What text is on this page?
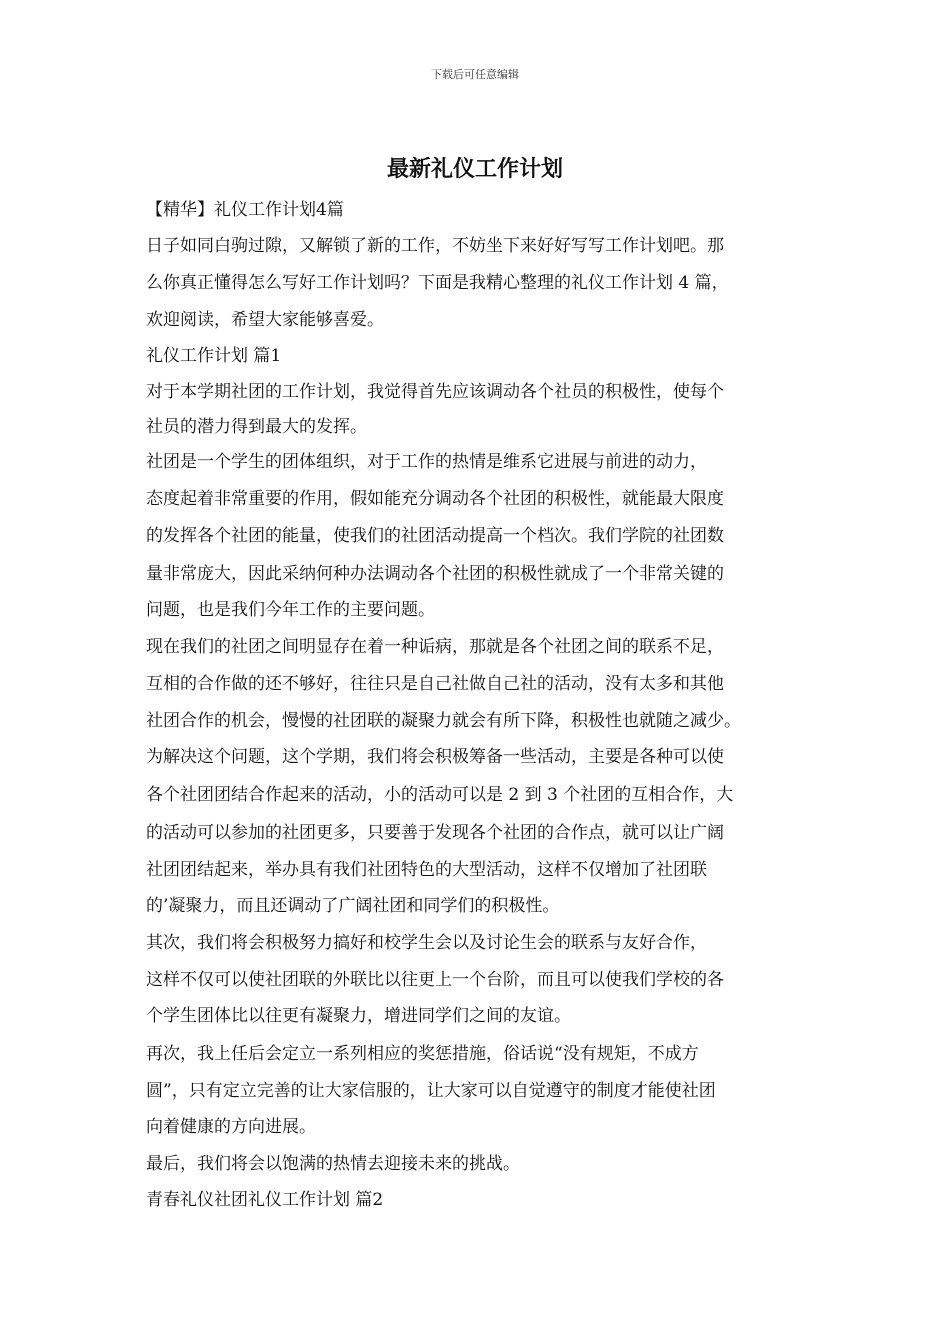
下载后可任意编辑
最新礼仪工作计划

【精华】礼仪工作计划4篇

日子如同白驹过隙，又解锁了新的工作，不妨坐下来好好写写工作计划吧。那

么你真正懂得怎么写好工作计划吗？下面是我精心整理的礼仪工作计划 4 篇，

欢迎阅读，希望大家能够喜爱。

礼仪工作计划 篇1

对于本学期社团的工作计划，我觉得首先应该调动各个社员的积极性，使每个

社员的潜力得到最大的发挥。

社团是一个学生的团体组织，对于工作的热情是维系它进展与前进的动力，

态度起着非常重要的作用，假如能充分调动各个社团的积极性，就能最大限度

的发挥各个社团的能量，使我们的社团活动提高一个档次。我们学院的社团数

量非常庞大，因此采纳何种办法调动各个社团的积极性就成了一个非常关键的

问题，也是我们今年工作的主要问题。

现在我们的社团之间明显存在着一种诟病，那就是各个社团之间的联系不足，

互相的合作做的还不够好，往往只是自己社做自己社的活动，没有太多和其他

社团合作的机会，慢慢的社团联的凝聚力就会有所下降，积极性也就随之减少。

为解决这个问题，这个学期，我们将会积极筹备一些活动，主要是各种可以使

各个社团团结合作起来的活动，小的活动可以是 2 到 3 个社团的互相合作，大

的活动可以参加的社团更多，只要善于发现各个社团的合作点，就可以让广阔

社团团结起来，举办具有我们社团特色的大型活动，这样不仅增加了社团联

的’凝聚力，而且还调动了广阔社团和同学们的积极性。

其次，我们将会积极努力搞好和校学生会以及讨论生会的联系与友好合作，

这样不仅可以使社团联的外联比以往更上一个台阶，而且可以使我们学校的各

个学生团体比以往更有凝聚力，增进同学们之间的友谊。

再次，我上任后会定立一系列相应的奖惩措施，俗话说“没有规矩，不成方

圆”，只有定立完善的让大家信服的，让大家可以自觉遵守的制度才能使社团

向着健康的方向进展。

最后，我们将会以饱满的热情去迎接未来的挑战。

青春礼仪社团礼仪工作计划 篇2
